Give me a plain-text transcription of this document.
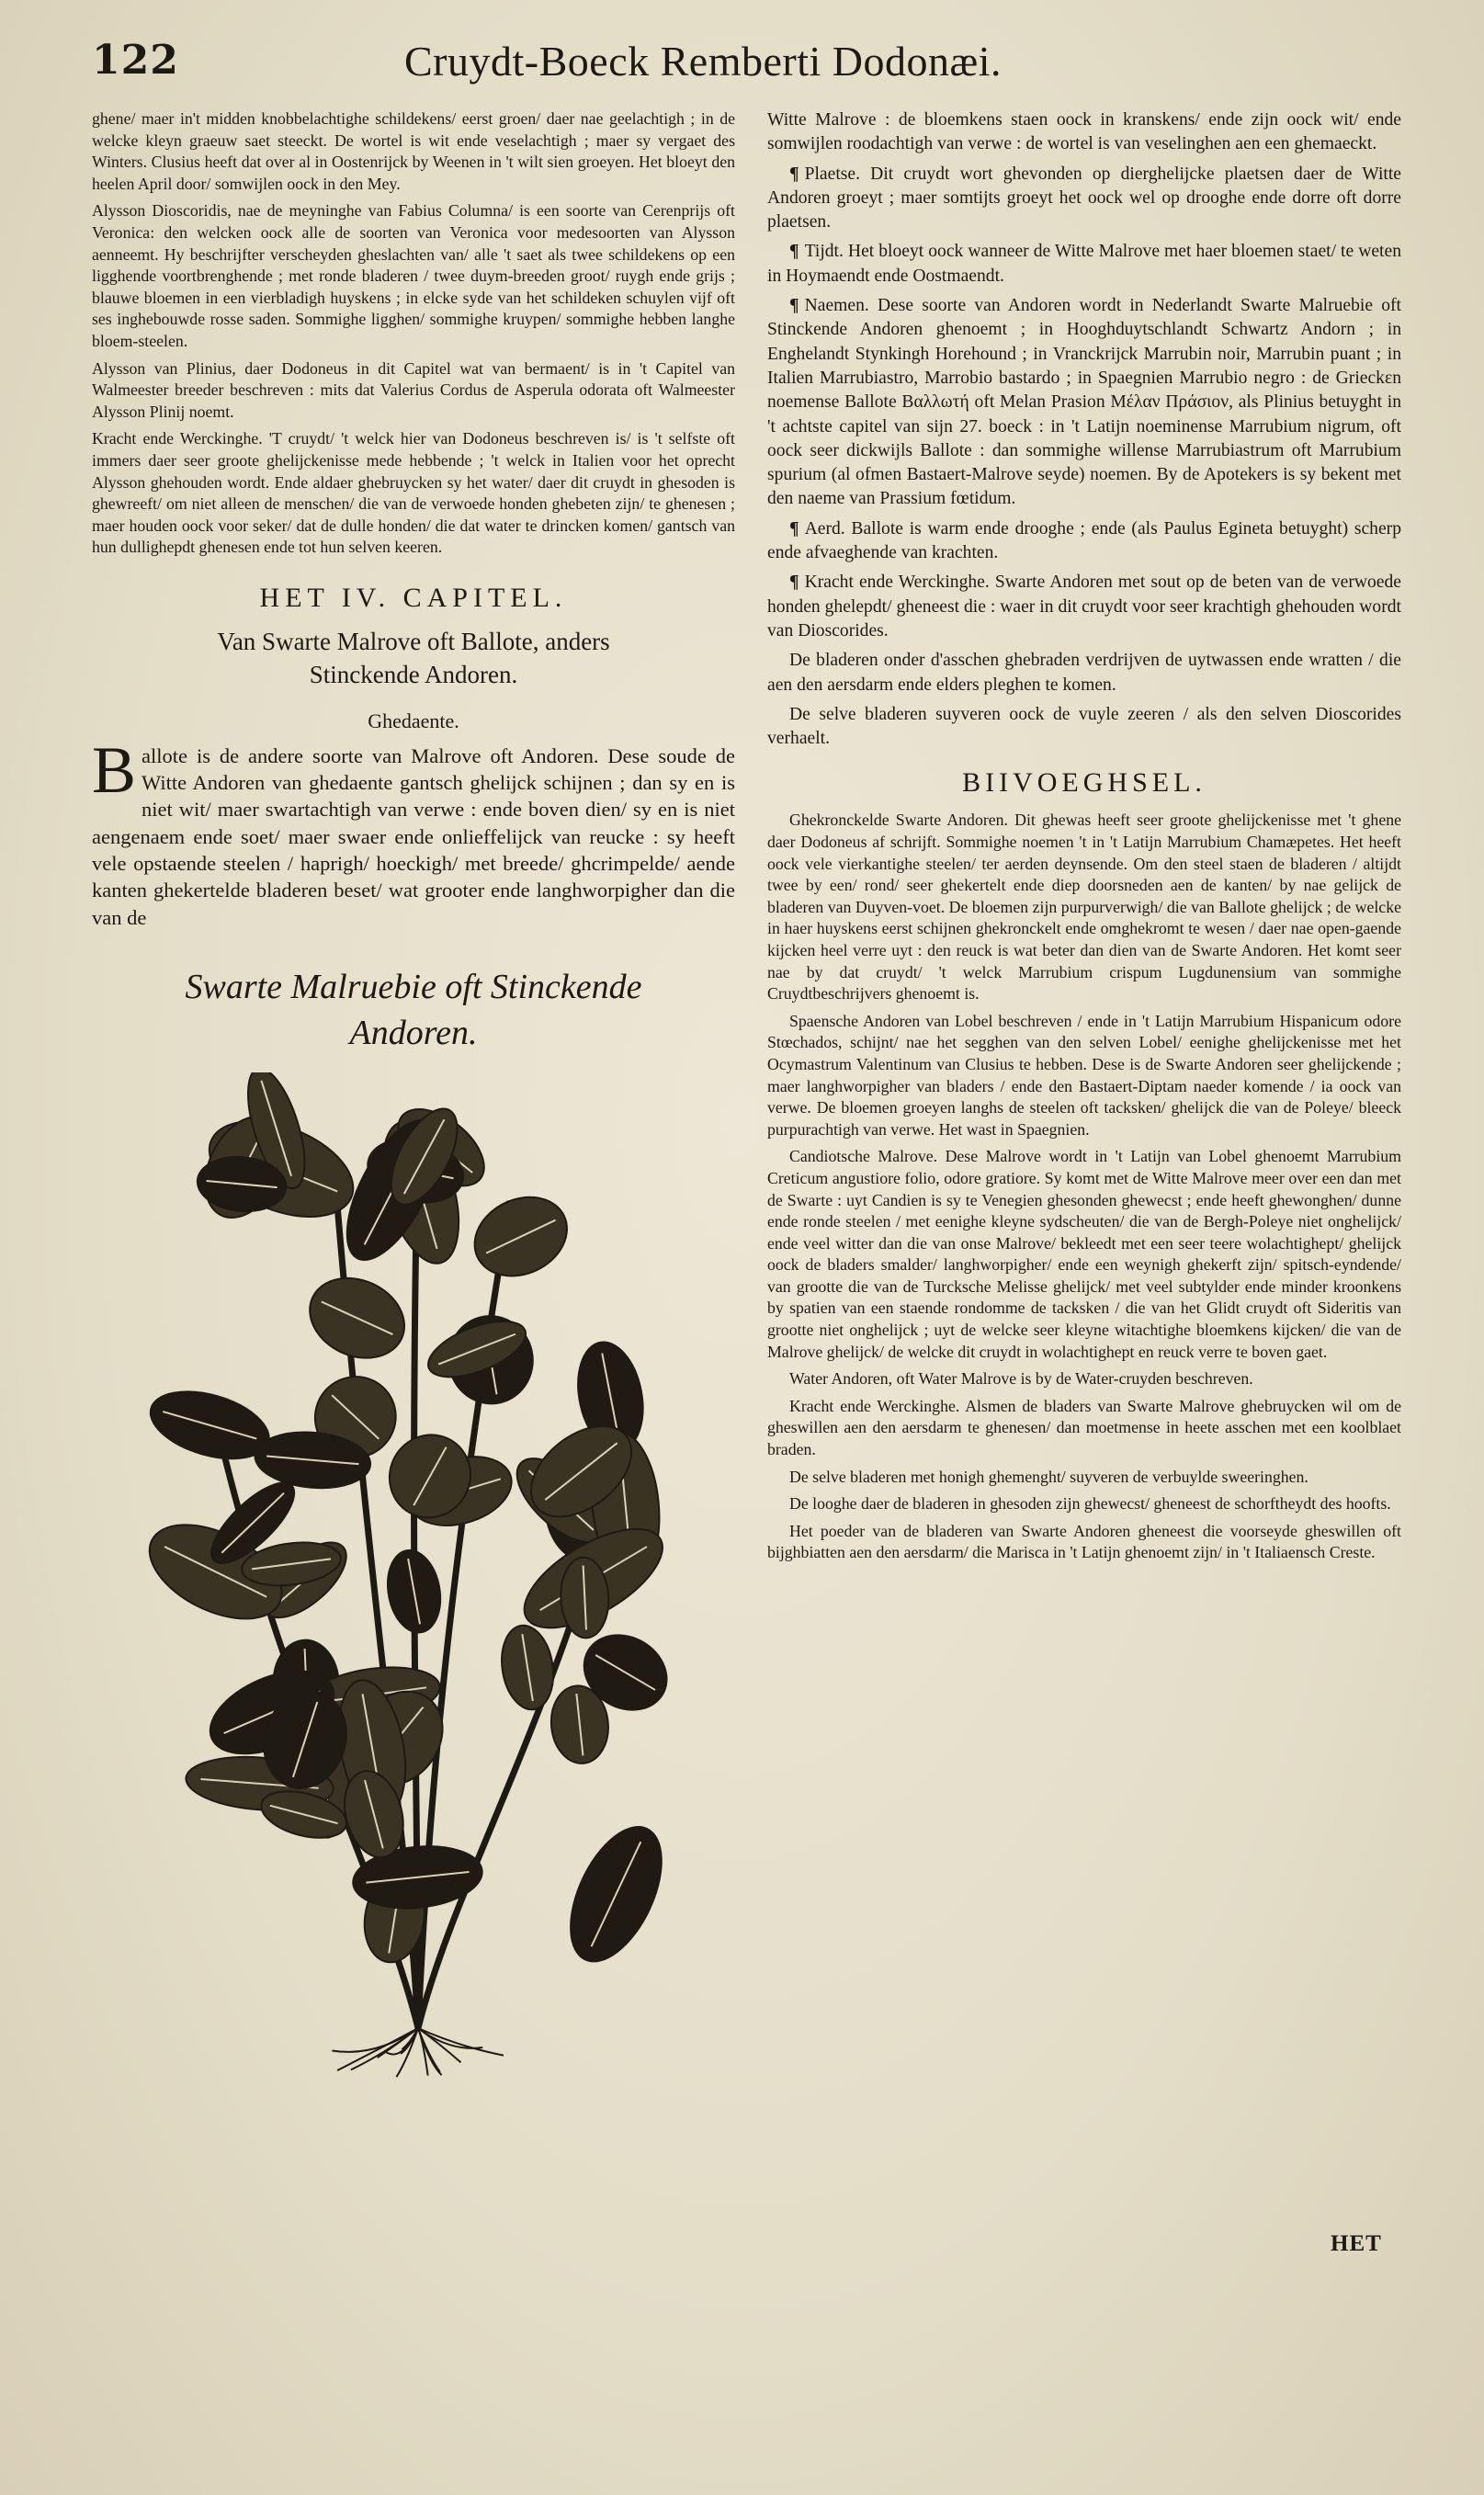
122	Cruydt-Boeck Remberti Dodonæi.

ghene/ maer in't midden knobbelachtighe schildekens/ eerst groen/ daer nae geelachtigh ; in de welcke kleyn graeuw saet steeckt. De wortel is wit ende veselachtigh ; maer sy vergaet des Winters. Clusius heeft dat over al in Oostenrijck by Weenen in 't wilt sien groeyen. Het bloeyt den heelen April door/ somwijlen oock in den Mey.

Alysson Dioscoridis, nae de meyninghe van Fabius Columna/ is een soorte van Cerenprijs oft Veronica: den welcken oock alle de soorten van Veronica voor medesoorten van Alysson aenneemt. Hy beschrijfter verscheyden gheslachten van/ alle 't saet als twee schildekens op een ligghende voortbrenghende ; met ronde bladeren / twee duym-breeden groot/ ruygh ende grijs ; blauwe bloemen in een vierbladigh huyskens ; in elcke syde van het schildeken schuylen vijf oft ses inghebouwde rosse saden. Sommighe ligghen/ sommighe kruypen/ sommighe hebben langhe bloem-steelen.

Alysson van Plinius, daer Dodoneus in dit Capitel wat van bermaent/ is in 't Capitel van Walmeester breeder beschreven : mits dat Valerius Cordus de Asperula odorata oft Walmeester Alysson Plinij noemt.

Kracht ende Werckinghe. 'T cruydt/ 't welck hier van Dodoneus beschreven is/ is 't selfste oft immers daer seer groote ghelijckenisse mede hebbende ; 't welck in Italien voor het oprecht Alysson ghehouden wordt. Ende aldaer ghebruycken sy het water/ daer dit cruydt in ghesoden is ghewreeft/ om niet alleen de menschen/ die van de verwoede honden ghebeten zijn/ te ghenesen ; maer houden oock voor seker/ dat de dulle honden/ die dat water te drincken komen/ gantsch van hun dullighepdt ghenesen ende tot hun selven keeren.

HET IV. CAPITEL.
Van Swarte Malrove oft Ballote, anders
Stinckende Andoren.
Ghedaente.

Ballote is de andere soorte van Malrove oft Andoren. Dese soude de Witte Andoren van ghedaente gantsch ghelijck schijnen ; dan sy en is niet wit/ maer swartachtigh van verwe : ende boven dien/ sy en is niet aengenaem ende soet/ maer swaer ende onlieffelijck van reucke : sy heeft vele opstaende steelen / haprigh/ hoeckigh/ met breede/ ghcrimpelde/ aende kanten ghekertelde bladeren beset/ wat grooter ende langhworpigher dan die van de

Swarte Malruebie oft Stinckende
Andoren.

Witte Malrove : de bloemkens staen oock in kranskens/ ende zijn oock wit/ ende somwijlen roodachtigh van verwe : de wortel is van veselinghen aen een ghemaeckt.

¶ Plaetse. Dit cruydt wort ghevonden op dierghelijcke plaetsen daer de Witte Andoren groeyt ; maer somtijts groeyt het oock wel op drooghe ende dorre oft dorre plaetsen.

¶ Tijdt. Het bloeyt oock wanneer de Witte Malrove met haer bloemen staet/ te weten in Hoymaendt ende Oostmaendt.

¶ Naemen. Dese soorte van Andoren wordt in Nederlandt Swarte Malruebie oft Stinckende Andoren ghenoemt ; in Hooghduytschlandt Schwartz Andorn ; in Enghelandt Stynkingh Horehound ; in Vranckrijck Marrubin noir, Marrubin puant ; in Italien Marrubiastro, Marrobio bastardo ; in Spaegnien Marrubio negro : de Grieckεn noemense Ballote Βαλλωτή oft Melan Prasion Μέλαν Πράσιον, als Plinius betuyght in 't achtste capitel van sijn 27. boeck : in 't Latijn noeminense Marrubium nigrum, oft oock seer dickwijls Ballote : dan sommighe willense Marrubiastrum oft Marrubium spurium (al ofmen Bastaert-Malrove seyde) noemen. By de Apotekers is sy bekent met den naeme van Prassium fœtidum.

¶ Aerd. Ballote is warm ende drooghe ; ende (als Paulus Egineta betuyght) scherp ende afvaeghende van krachten.

¶ Kracht ende Werckinghe. Swarte Andoren met sout op de beten van de verwoede honden ghelepdt/ gheneest die : waer in dit cruydt voor seer krachtigh ghehouden wordt van Dioscorides.

De bladeren onder d'asschen ghebraden verdrijven de uytwassen ende wratten / die aen den aersdarm ende elders pleghen te komen.

De selve bladeren suyveren oock de vuyle zeeren / als den selven Dioscorides verhaelt.

BIIVOEGHSEL.

Ghekronckelde Swarte Andoren. Dit ghewas heeft seer groote ghelijckenisse met 't ghene daer Dodoneus af schrijft. Sommighe noemen 't in 't Latijn Marrubium Chamæpetes. Het heeft oock vele vierkantighe steelen/ ter aerden deynsende. Om den steel staen de bladeren / altijdt twee by een/ rond/ seer ghekertelt ende diep doorsneden aen de kanten/ by nae gelijck de bladeren van Duyven-voet. De bloemen zijn purpurverwigh/ die van Ballote ghelijck ; de welcke in haer huyskens eerst schijnen ghekronckelt ende omghekromt te wesen / daer nae open-gaende kijcken heel verre uyt : den reuck is wat beter dan dien van de Swarte Andoren. Het komt seer nae by dat cruydt/ 't welck Marrubium crispum Lugdunensium van sommighe Cruydtbeschrijvers ghenoemt is.

Spaensche Andoren van Lobel beschreven / ende in 't Latijn Marrubium Hispanicum odore Stœchados, schijnt/ nae het segghen van den selven Lobel/ eenighe ghelijckenisse met het Ocymastrum Valentinum van Clusius te hebben. Dese is de Swarte Andoren seer ghelijckende ; maer langhworpigher van bladers / ende den Bastaert-Diptam naeder komende / ia oock van verwe. De bloemen groeyen langhs de steelen oft tacksken/ ghelijck die van de Poleye/ bleeck purpurachtigh van verwe. Het wast in Spaegnien.

Candiotsche Malrove. Dese Malrove wordt in 't Latijn van Lobel ghenoemt Marrubium Creticum angustiore folio, odore gratiore. Sy komt met de Witte Malrove meer over een dan met de Swarte : uyt Candien is sy te Venegien ghesonden ghewecst ; ende heeft ghewonghen/ dunne ende ronde steelen / met eenighe kleyne sydscheuten/ die van de Bergh-Poleye niet onghelijck/ ende veel witter dan die van onse Malrove/ bekleedt met een seer teere wolachtighept/ ghelijck oock de bladers smalder/ langhworpigher/ ende een weynigh ghekerft zijn/ spitsch-eyndende/ van grootte die van de Turcksche Melisse ghelijck/ met veel subtylder ende minder kroonkens by spatien van een staende rondomme de tacksken / die van het Glidt cruydt oft Sideritis van grootte niet onghelijck ; uyt de welcke seer kleyne witachtighe bloemkens kijcken/ die van de Malrove ghelijck/ de welcke dit cruydt in wolachtighept en reuck verre te boven gaet.

Water Andoren, oft Water Malrove is by de Water-cruyden beschreven.

Kracht ende Werckinghe. Alsmen de bladers van Swarte Malrove ghebruycken wil om de gheswillen aen den aersdarm te ghenesen/ dan moetmense in heete asschen met een koolblaet braden.

De selve bladeren met honigh ghemenght/ suyveren de verbuylde sweeringhen.

De looghe daer de bladeren in ghesoden zijn ghewecst/ gheneest de schorftheydt des hoofts.

Het poeder van de bladeren van Swarte Andoren gheneest die voorseyde gheswillen oft bijghbiatten aen den aersdarm/ die Marisca in 't Latijn ghenoemt zijn/ in 't Italiaensch Creste.

HET
